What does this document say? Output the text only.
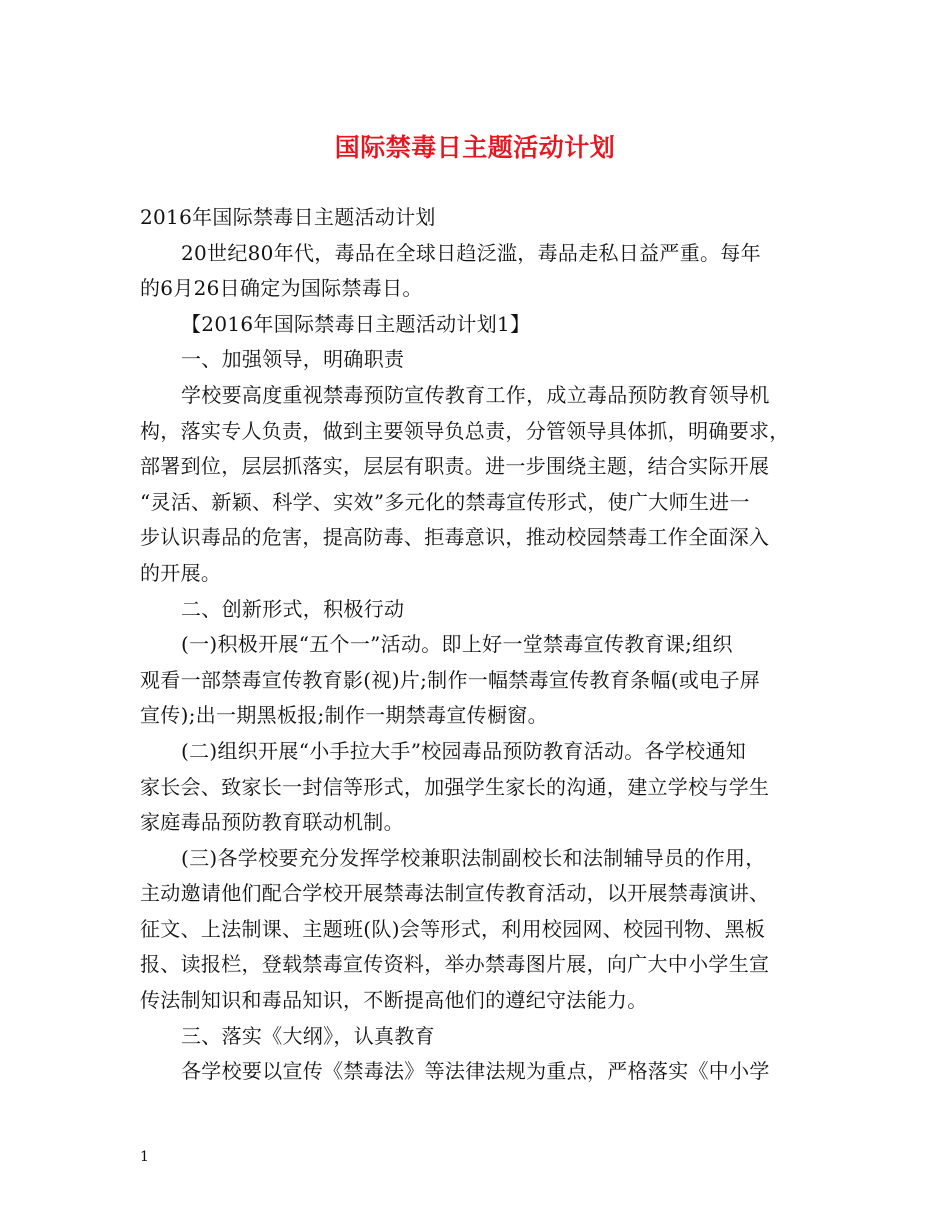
国际禁毒日主题活动计划
2016年国际禁毒日主题活动计划
20世纪80年代，毒品在全球日趋泛滥，毒品走私日益严重。每年
的6月26日确定为国际禁毒日。
【2016年国际禁毒日主题活动计划1】
一、加强领导，明确职责
学校要高度重视禁毒预防宣传教育工作，成立毒品预防教育领导机
构，落实专人负责，做到主要领导负总责，分管领导具体抓，明确要求，
部署到位，层层抓落实，层层有职责。进一步围绕主题，结合实际开展
“灵活、新颖、科学、实效”多元化的禁毒宣传形式，使广大师生进一
步认识毒品的危害，提高防毒、拒毒意识，推动校园禁毒工作全面深入
的开展。
二、创新形式，积极行动
(一)积极开展“五个一”活动。即上好一堂禁毒宣传教育课;组织
观看一部禁毒宣传教育影(视)片;制作一幅禁毒宣传教育条幅(或电子屏
宣传);出一期黑板报;制作一期禁毒宣传橱窗。
(二)组织开展“小手拉大手”校园毒品预防教育活动。各学校通知
家长会、致家长一封信等形式，加强学生家长的沟通，建立学校与学生
家庭毒品预防教育联动机制。
(三)各学校要充分发挥学校兼职法制副校长和法制辅导员的作用，
主动邀请他们配合学校开展禁毒法制宣传教育活动，以开展禁毒演讲、
征文、上法制课、主题班(队)会等形式，利用校园网、校园刊物、黑板
报、读报栏，登载禁毒宣传资料，举办禁毒图片展，向广大中小学生宣
传法制知识和毒品知识，不断提高他们的遵纪守法能力。
三、落实《大纲》，认真教育
各学校要以宣传《禁毒法》等法律法规为重点，严格落实《中小学
1
